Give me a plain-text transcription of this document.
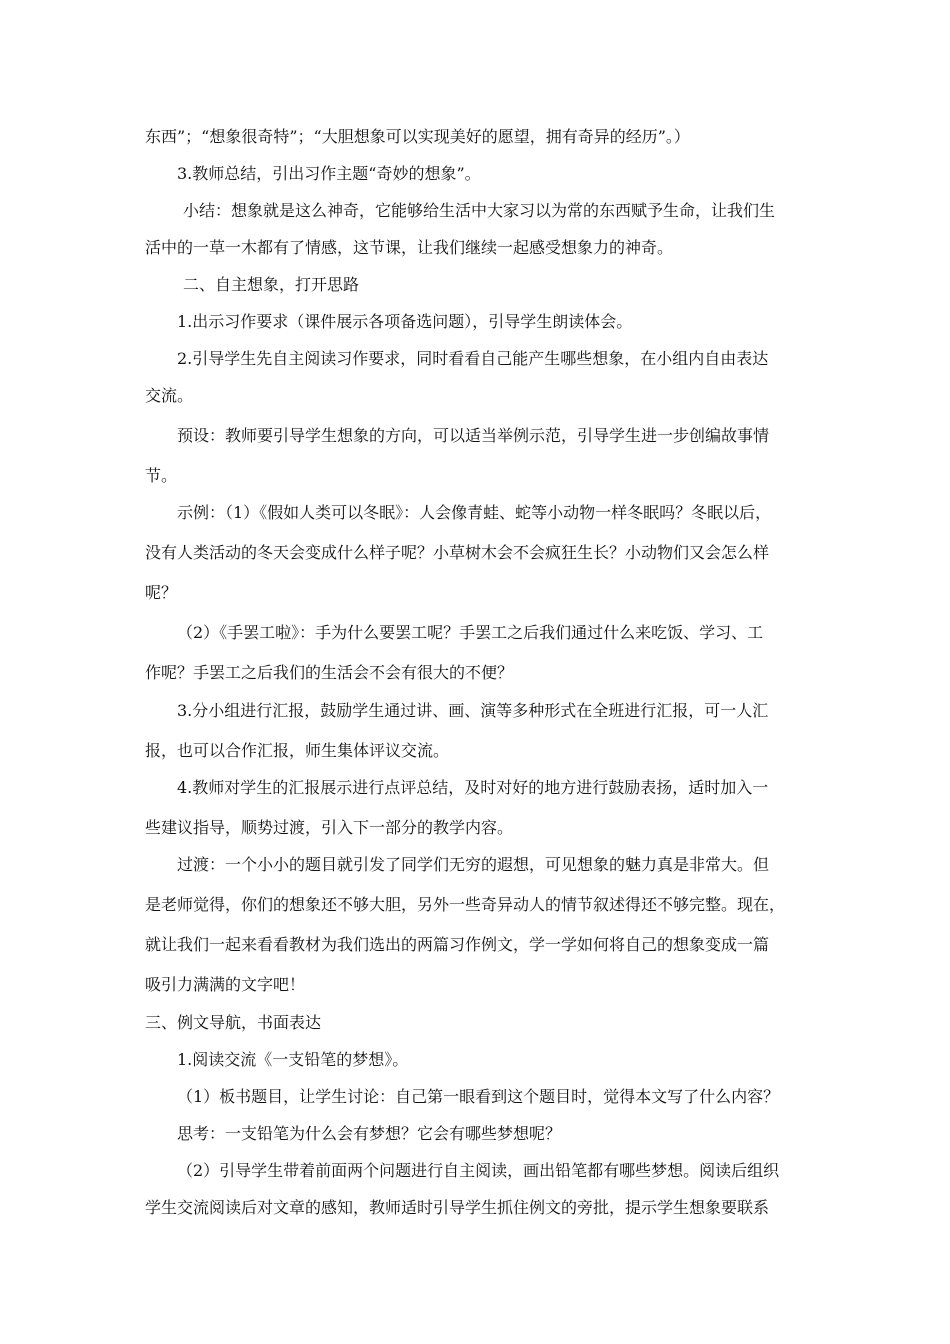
东西”；“想象很奇特”；“大胆想象可以实现美好的愿望，拥有奇异的经历”。）
3.教师总结，引出习作主题“奇妙的想象”。
小结：想象就是这么神奇，它能够给生活中大家习以为常的东西赋予生命，让我们生
活中的一草一木都有了情感，这节课，让我们继续一起感受想象力的神奇。
二、自主想象，打开思路
1.出示习作要求（课件展示各项备选问题），引导学生朗读体会。
2.引导学生先自主阅读习作要求，同时看看自己能产生哪些想象，在小组内自由表达
交流。
预设：教师要引导学生想象的方向，可以适当举例示范，引导学生进一步创编故事情
节。
示例：（1）《假如人类可以冬眠》：人会像青蛙、蛇等小动物一样冬眠吗？冬眠以后，
没有人类活动的冬天会变成什么样子呢？小草树木会不会疯狂生长？小动物们又会怎么样
呢？
（2）《手罢工啦》：手为什么要罢工呢？手罢工之后我们通过什么来吃饭、学习、工
作呢？手罢工之后我们的生活会不会有很大的不便？
3.分小组进行汇报，鼓励学生通过讲、画、演等多种形式在全班进行汇报，可一人汇
报，也可以合作汇报，师生集体评议交流。
4.教师对学生的汇报展示进行点评总结，及时对好的地方进行鼓励表扬，适时加入一
些建议指导，顺势过渡，引入下一部分的教学内容。
过渡：一个小小的题目就引发了同学们无穷的遐想，可见想象的魅力真是非常大。但
是老师觉得，你们的想象还不够大胆，另外一些奇异动人的情节叙述得还不够完整。现在，
就让我们一起来看看教材为我们选出的两篇习作例文，学一学如何将自己的想象变成一篇
吸引力满满的文字吧！
三、例文导航，书面表达
1.阅读交流《一支铅笔的梦想》。
（1）板书题目，让学生讨论：自己第一眼看到这个题目时，觉得本文写了什么内容？
思考：一支铅笔为什么会有梦想？它会有哪些梦想呢？
（2）引导学生带着前面两个问题进行自主阅读，画出铅笔都有哪些梦想。阅读后组织
学生交流阅读后对文章的感知，教师适时引导学生抓住例文的旁批，提示学生想象要联系
